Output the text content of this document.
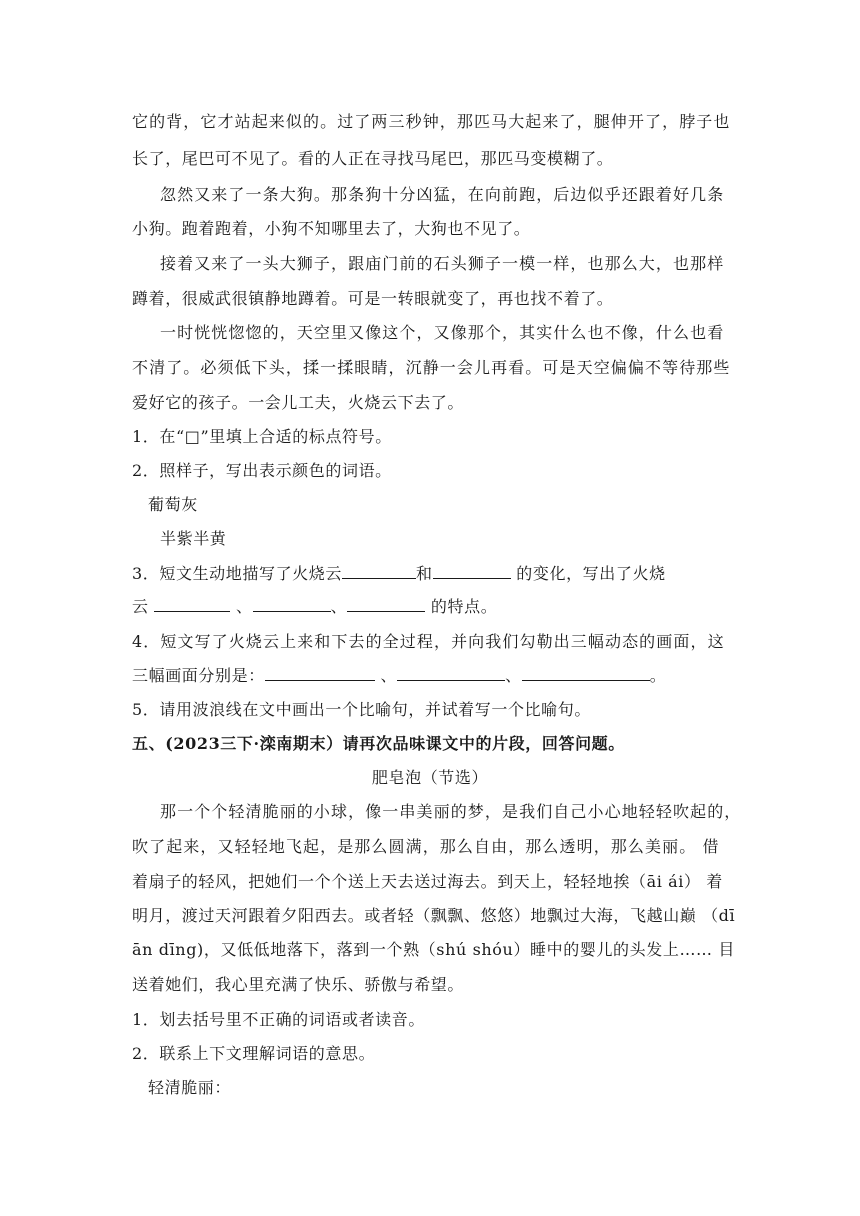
它的背，它才站起来似的。过了两三秒钟，那匹马大起来了，腿伸开了，脖子也
长了，尾巴可不见了。看的人正在寻找马尾巴，那匹马变模糊了。
忽然又来了一条大狗。那条狗十分凶猛，在向前跑，后边似乎还跟着好几条
小狗。跑着跑着，小狗不知哪里去了，大狗也不见了。
接着又来了一头大狮子，跟庙门前的石头狮子一模一样，也那么大，也那样
蹲着，很威武很镇静地蹲着。可是一转眼就变了，再也找不着了。
一时恍恍惚惚的，天空里又像这个，又像那个，其实什么也不像，什么也看
不清了。必须低下头，揉一揉眼睛，沉静一会儿再看。可是天空偏偏不等待那些
爱好它的孩子。一会儿工夫，火烧云下去了。
1．在“□”里填上合适的标点符号。
2．照样子，写出表示颜色的词语。
葡萄灰
半紫半黄
3．短文生动地描写了火烧云	和	的变化，写出了火烧
云	、	、	的特点。
4．短文写了火烧云上来和下去的全过程，并向我们勾勒出三幅动态的画面，这
三幅画面分别是：	、	、	。
5．请用波浪线在文中画出一个比喻句，并试着写一个比喻句。
五、(2023三下·滦南期末）请再次品味课文中的片段，回答问题。
肥皂泡（节选）
那一个个轻清脆丽的小球，像一串美丽的梦，是我们自己小心地轻轻吹起的，
吹了起来，又轻轻地飞起，是那么圆满，那么自由，那么透明，那么美丽。 借
着扇子的轻风，把她们一个个送上天去送过海去。到天上，轻轻地挨（āi ái） 着
明月，渡过天河跟着夕阳西去。或者轻（飘飘、悠悠）地飘过大海，飞越山巅 （dī
ān dīng)，又低低地落下，落到一个熟（shú shóu）睡中的婴儿的头发上…… 目
送着她们，我心里充满了快乐、骄傲与希望。
1．划去括号里不正确的词语或者读音。
2．联系上下文理解词语的意思。
轻清脆丽：
